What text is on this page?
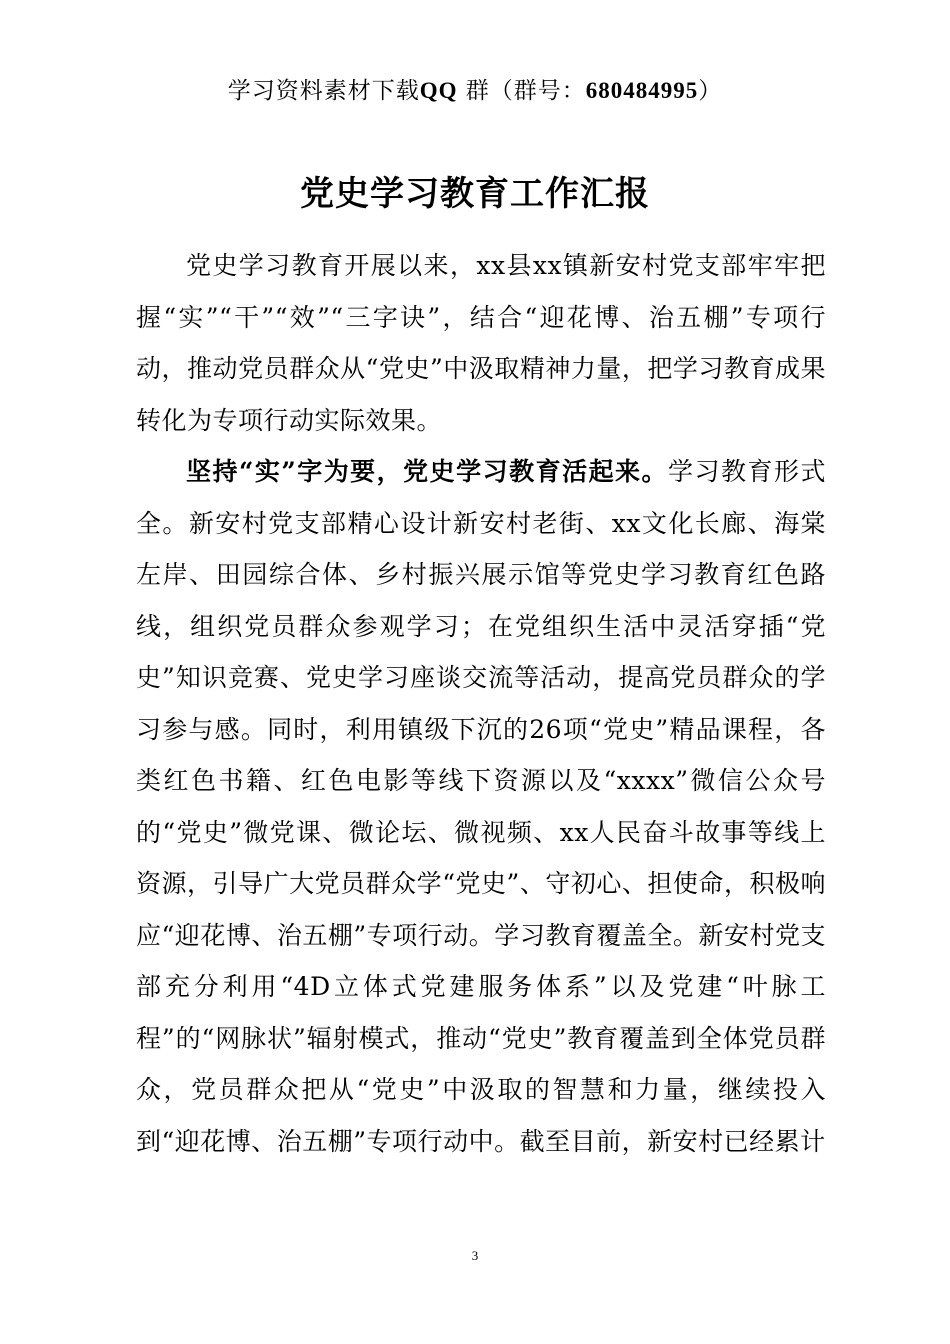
学习资料素材下载QQ 群（群号：680484995）
党史学习教育工作汇报

党史学习教育开展以来，xx县xx镇新安村党支部牢牢把握“实”“干”“效”“三字诀”，结合“迎花博、治五棚”专项行动，推动党员群众从“党史”中汲取精神力量，把学习教育成果转化为专项行动实际效果。

坚持“实”字为要，党史学习教育活起来。学习教育形式全。新安村党支部精心设计新安村老街、xx文化长廊、海棠左岸、田园综合体、乡村振兴展示馆等党史学习教育红色路线，组织党员群众参观学习；在党组织生活中灵活穿插“党史”知识竞赛、党史学习座谈交流等活动，提高党员群众的学习参与感。同时，利用镇级下沉的26项“党史”精品课程，各类红色书籍、红色电影等线下资源以及“xxxx”微信公众号的“党史”微党课、微论坛、微视频、xx人民奋斗故事等线上资源，引导广大党员群众学“党史”、守初心、担使命，积极响应“迎花博、治五棚”专项行动。学习教育覆盖全。新安村党支部充分利用“4D立体式党建服务体系”以及党建“叶脉工程”的“网脉状”辐射模式，推动“党史”教育覆盖到全体党员群众，党员群众把从“党史”中汲取的智慧和力量，继续投入到“迎花博、治五棚”专项行动中。截至目前，新安村已经累计

3
